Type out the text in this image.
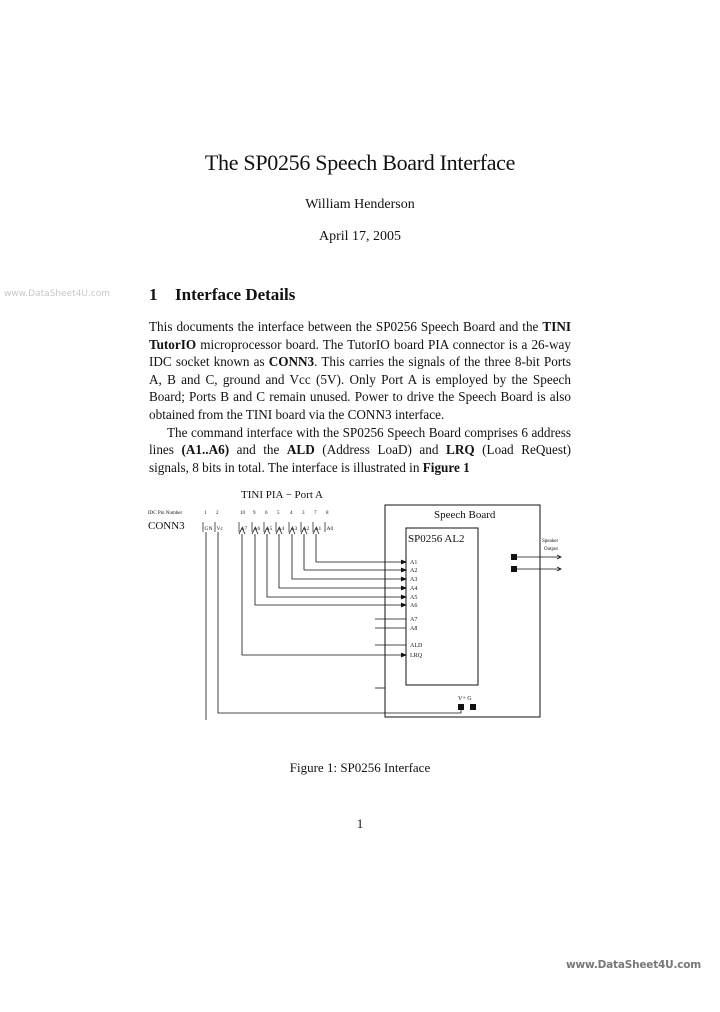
www.DataSheet4U.com
The SP0256 Speech Board Interface
William Henderson
April 17, 2005
1 Interface Details

This documents the interface between the SP0256 Speech Board and the TINI TutorIO microprocessor board. The TutorIO board PIA connector is a 26-way IDC socket known as CONN3. This carries the signals of the three 8-bit Ports A, B and C, ground and Vcc (5V). Only Port A is employed by the Speech Board; Ports B and C remain unused. Power to drive the Speech Board is also obtained from the TINI board via the CONN3 interface.

The command interface with the SP0256 Speech Board comprises 6 address lines (A1..A6) and the ALD (Address LoaD) and LRQ (Load ReQuest) signals, 8 bits in total. The interface is illustrated in Figure 1

TINI PIA − Port A
IDC Pin Number	1 2	10 9 6 5 4 3 7 8
CONN3	GN Vc	A7 A6 A5 A4 A3 A2 A1 A0
Speech Board
SP0256 AL2
A1
A2
A3
A4
A5
A6
A7
A8
ALD
LRQ
Speaker
Output
Speaker Output
V+ G
Figure 1: SP0256 Interface
1
www.DataSheet4U.com
